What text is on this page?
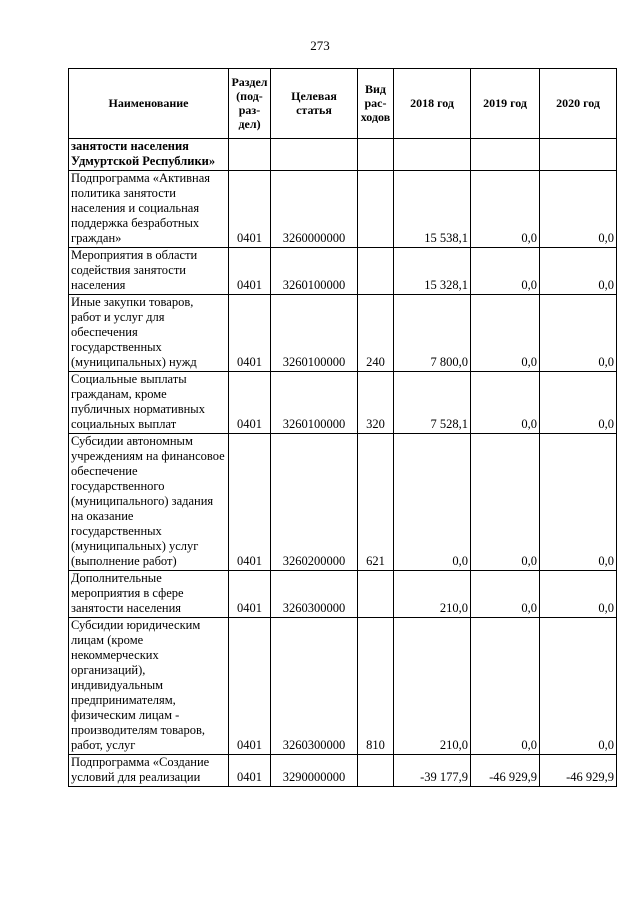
273
Наименование	Раздел (под-раз-дел)	Целевая статья	Вид рас-ходов	2018 год	2019 год	2020 год
занятости населения Удмуртской Республики»						
Подпрограмма «Активная политика занятости населения и социальная поддержка безработных граждан»	0401	3260000000		15 538,1	0,0	0,0
Мероприятия в области содействия занятости населения	0401	3260100000		15 328,1	0,0	0,0
Иные закупки товаров, работ и услуг для обеспечения государственных (муниципальных) нужд	0401	3260100000	240	7 800,0	0,0	0,0
Социальные выплаты гражданам, кроме публичных нормативных социальных выплат	0401	3260100000	320	7 528,1	0,0	0,0
Субсидии автономным учреждениям на финансовое обеспечение государственного (муниципального) задания на оказание государственных (муниципальных) услуг (выполнение работ)	0401	3260200000	621	0,0	0,0	0,0
Дополнительные мероприятия в сфере занятости населения	0401	3260300000		210,0	0,0	0,0
Субсидии юридическим лицам (кроме некоммерческих организаций), индивидуальным предпринимателям, физическим лицам - производителям товаров, работ, услуг	0401	3260300000	810	210,0	0,0	0,0
Подпрограмма «Создание условий для реализации	0401	3290000000		-39 177,9	-46 929,9	-46 929,9
